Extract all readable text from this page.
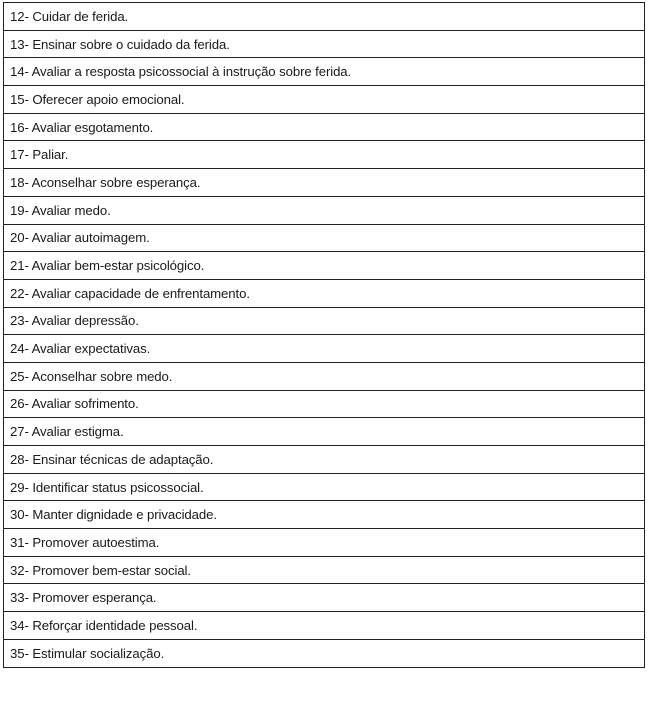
12- Cuidar de ferida.
13- Ensinar sobre o cuidado da ferida.
14- Avaliar a resposta psicossocial à instrução sobre ferida.
15- Oferecer apoio emocional.
16- Avaliar esgotamento.
17- Paliar.
18- Aconselhar sobre esperança.
19- Avaliar medo.
20- Avaliar autoimagem.
21- Avaliar bem-estar psicológico.
22- Avaliar capacidade de enfrentamento.
23- Avaliar depressão.
24- Avaliar expectativas.
25- Aconselhar sobre medo.
26- Avaliar sofrimento.
27- Avaliar estigma.
28- Ensinar técnicas de adaptação.
29- Identificar status psicossocial.
30- Manter dignidade e privacidade.
31- Promover autoestima.
32- Promover bem-estar social.
33- Promover esperança.
34- Reforçar identidade pessoal.
35- Estimular socialização.
